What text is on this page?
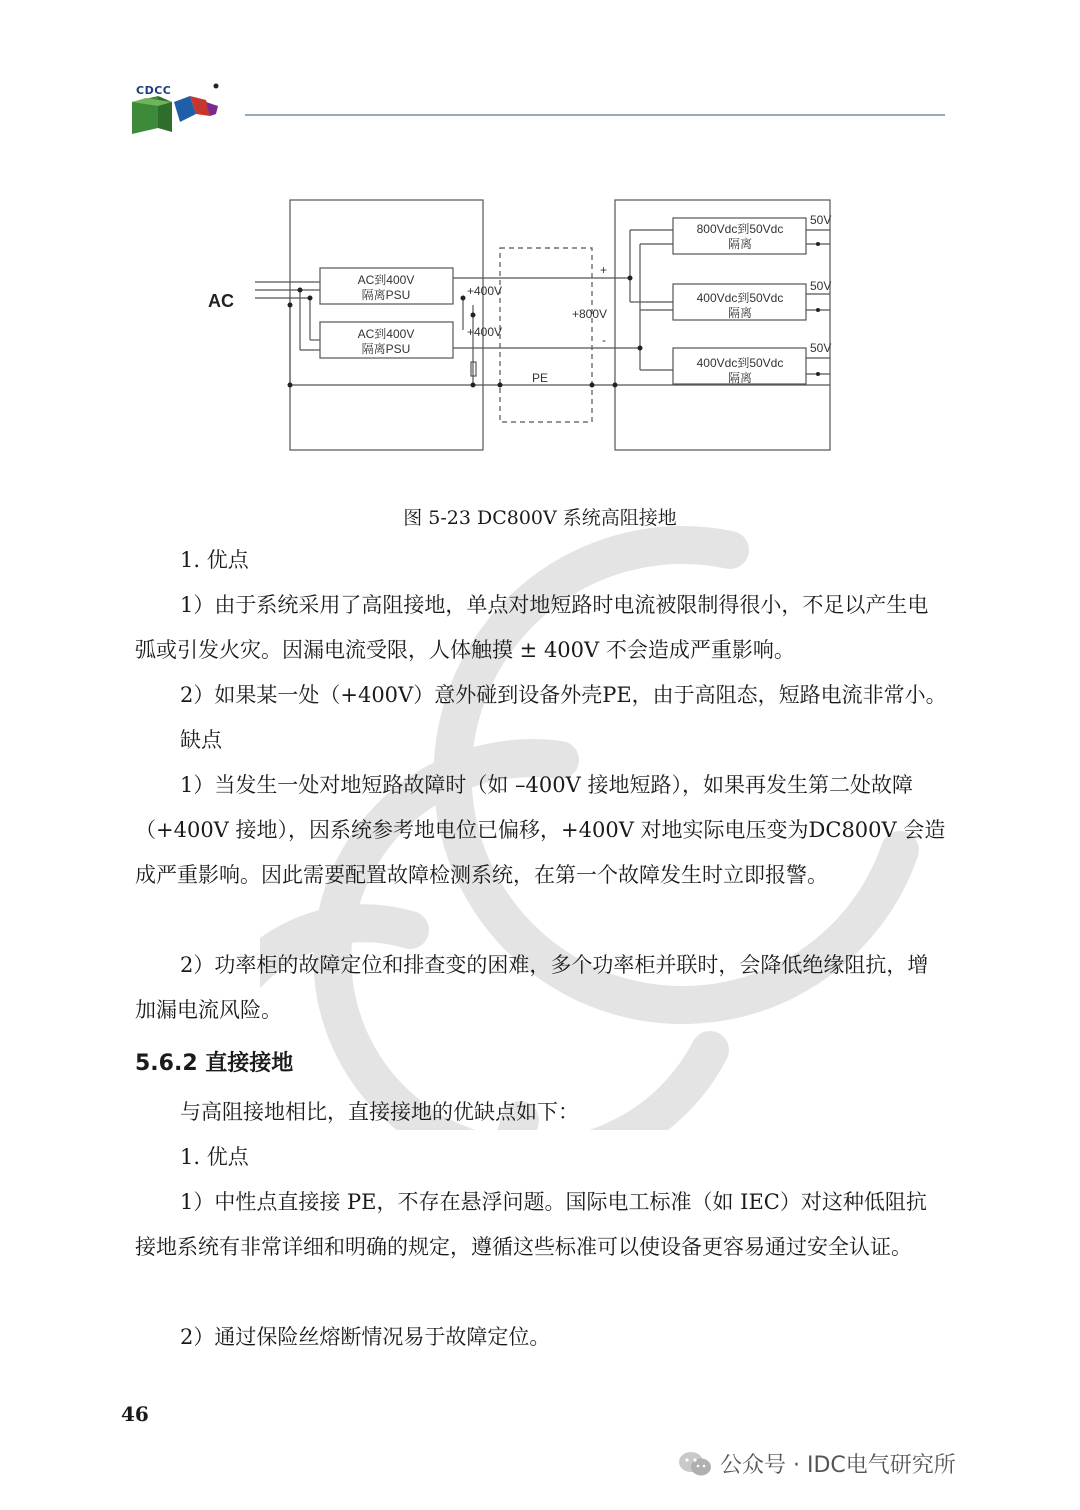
CDCC
AC
AC到400V
隔离PSU
AC到400V
隔离PSU
+400V
+400V
+800V
+
-
PE
800Vdc到50Vdc
隔离
400Vdc到50Vdc
隔离
400Vdc到50Vdc
隔离
50V
50V
50V
图 5-23 DC800V 系统高阻接地

1. 优点

1）由于系统采用了高阻接地，单点对地短路时电流被限制得很小，不足以产生电弧或引发火灾。因漏电流受限，人体触摸 ± 400V 不会造成严重影响。

2）如果某一处（+400V）意外碰到设备外壳PE，由于高阻态，短路电流非常小。

缺点

1）当发生一处对地短路故障时（如 –400V 接地短路），如果再发生第二处故障（+400V 接地），因系统参考地电位已偏移，+400V 对地实际电压变为DC800V 会造成严重影响。因此需要配置故障检测系统，在第一个故障发生时立即报警。

2）功率柜的故障定位和排查变的困难，多个功率柜并联时，会降低绝缘阻抗，增加漏电流风险。

5.6.2 直接接地

与高阻接地相比，直接接地的优缺点如下：

1. 优点

1）中性点直接接 PE，不存在悬浮问题。国际电工标准（如 IEC）对这种低阻抗接地系统有非常详细和明确的规定，遵循这些标准可以使设备更容易通过安全认证。

2）通过保险丝熔断情况易于故障定位。

46
公众号 · IDC电气研究所
